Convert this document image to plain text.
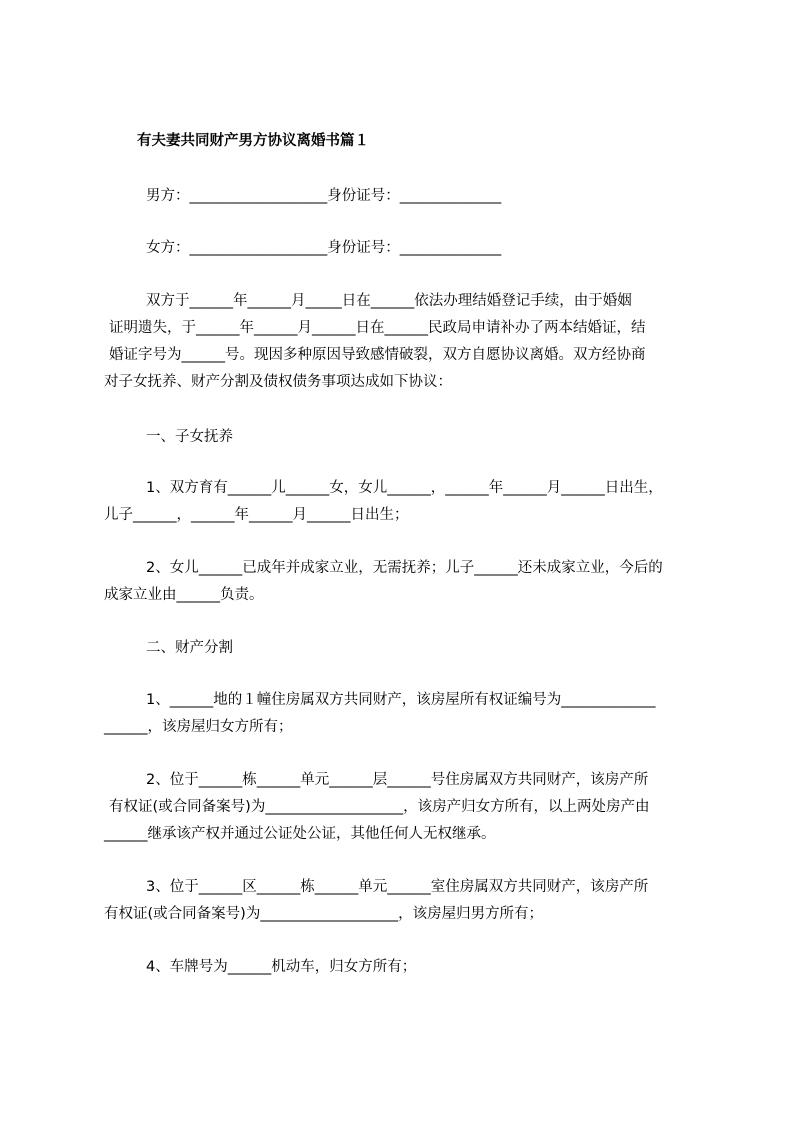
有夫妻共同财产男方协议离婚书篇１
男方：___________________身份证号：______________
女方：___________________身份证号：______________
双方于______年______月_____日在______依法办理结婚登记手续，由于婚姻
证明遗失，于______年______月______日在______民政局申请补办了两本结婚证，结
婚证字号为______号。现因多种原因导致感情破裂，双方自愿协议离婚。双方经协商
对子女抚养、财产分割及债权债务事项达成如下协议：
一、子女抚养
1、双方育有______儿______女，女儿______，______年______月______日出生，
儿子______，______年______月______日出生；
2、女儿______已成年并成家立业，无需抚养；儿子______还未成家立业，今后的
成家立业由______负责。
二、财产分割
1、______地的１幢住房属双方共同财产，该房屋所有权证编号为_____________
______，该房屋归女方所有；
2、位于______栋______单元______层______号住房属双方共同财产，该房产所
有权证(或合同备案号)为___________________，该房产归女方所有，以上两处房产由
______继承该产权并通过公证处公证，其他任何人无权继承。
3、位于______区______栋______单元______室住房属双方共同财产，该房产所
有权证(或合同备案号)为___________________，该房屋归男方所有；
4、车牌号为______机动车，归女方所有；
